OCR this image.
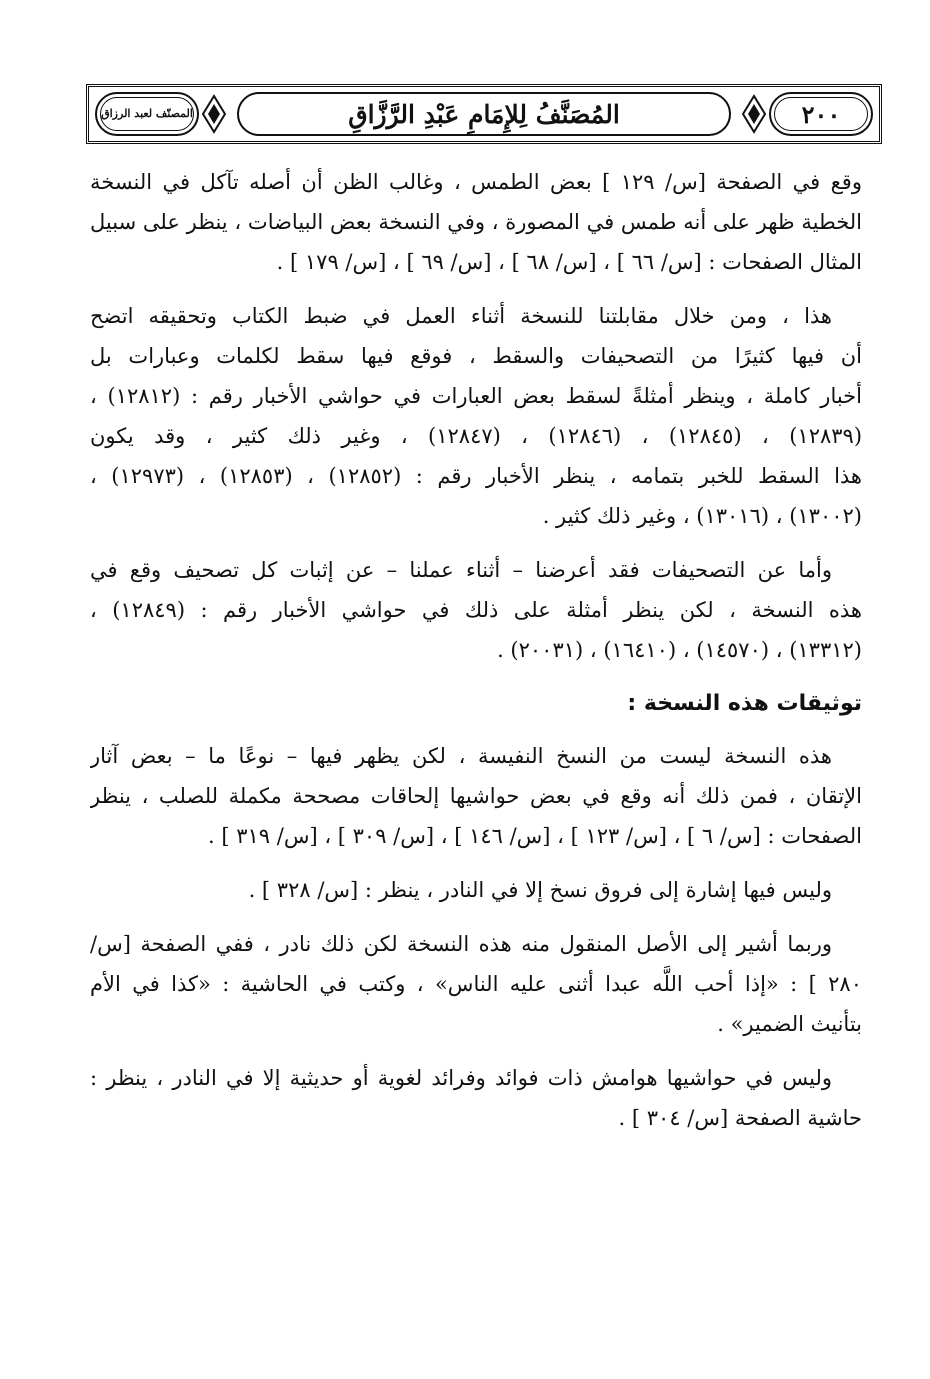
المصنّف لعبد الرزاق	المُصَنَّفُ لِلإِمَامِ عَبْدِ الرَّزَّاقِ	٢٠٠
وقع في الصفحة [س/ ١٢٩ ] بعض الطمس ، وغالب الظن أن أصله تآكل في النسخة
الخطية ظهر على أنه طمس في المصورة ، وفي النسخة بعض البياضات ، ينظر على سبيل
المثال الصفحات : [س/ ٦٦ ] ، [س/ ٦٨ ] ، [س/ ٦٩ ] ، [س/ ١٧٩ ] .
هذا ، ومن خلال مقابلتنا للنسخة أثناء العمل في ضبط الكتاب وتحقيقه اتضح
أن فيها كثيرًا من التصحيفات والسقط ، فوقع فيها سقط لكلمات وعبارات بل
أخبار كاملة ، وينظر أمثلةً لسقط بعض العبارات في حواشي الأخبار رقم : (١٢٨١٢) ،
(١٢٨٣٩) ، (١٢٨٤٥) ، (١٢٨٤٦) ، (١٢٨٤٧) ، وغير ذلك كثير ، وقد يكون
هذا السقط للخبر بتمامه ، ينظر الأخبار رقم : (١٢٨٥٢) ، (١٢٨٥٣) ، (١٢٩٧٣) ،
(١٣٠٠٢) ، (١٣٠١٦) ، وغير ذلك كثير .
وأما عن التصحيفات فقد أعرضنا – أثناء عملنا – عن إثبات كل تصحيف وقع في
هذه النسخة ، لكن ينظر أمثلة على ذلك في حواشي الأخبار رقم : (١٢٨٤٩) ،
(١٣٣١٢) ، (١٤٥٧٠) ، (١٦٤١٠) ، (٢٠٠٣١) .
توثيقات هذه النسخة :
هذه النسخة ليست من النسخ النفيسة ، لكن يظهر فيها – نوعًا ما – بعض آثار
الإتقان ، فمن ذلك أنه وقع في بعض حواشيها إلحاقات مصححة مكملة للصلب ، ينظر
الصفحات : [س/ ٦ ] ، [س/ ١٢٣ ] ، [س/ ١٤٦ ] ، [س/ ٣٠٩ ] ، [س/ ٣١٩ ] .
وليس فيها إشارة إلى فروق نسخ إلا في النادر ، ينظر : [س/ ٣٢٨ ] .
وربما أشير إلى الأصل المنقول منه هذه النسخة لكن ذلك نادر ، ففي الصفحة [س/
٢٨٠ ] : «إذا أحب اللَّه عبدا أثنى عليه الناس» ، وكتب في الحاشية : «كذا في الأم
بتأنيث الضمير» .
وليس في حواشيها هوامش ذات فوائد وفرائد لغوية أو حديثية إلا في النادر ، ينظر :
حاشية الصفحة [س/ ٣٠٤ ] .
